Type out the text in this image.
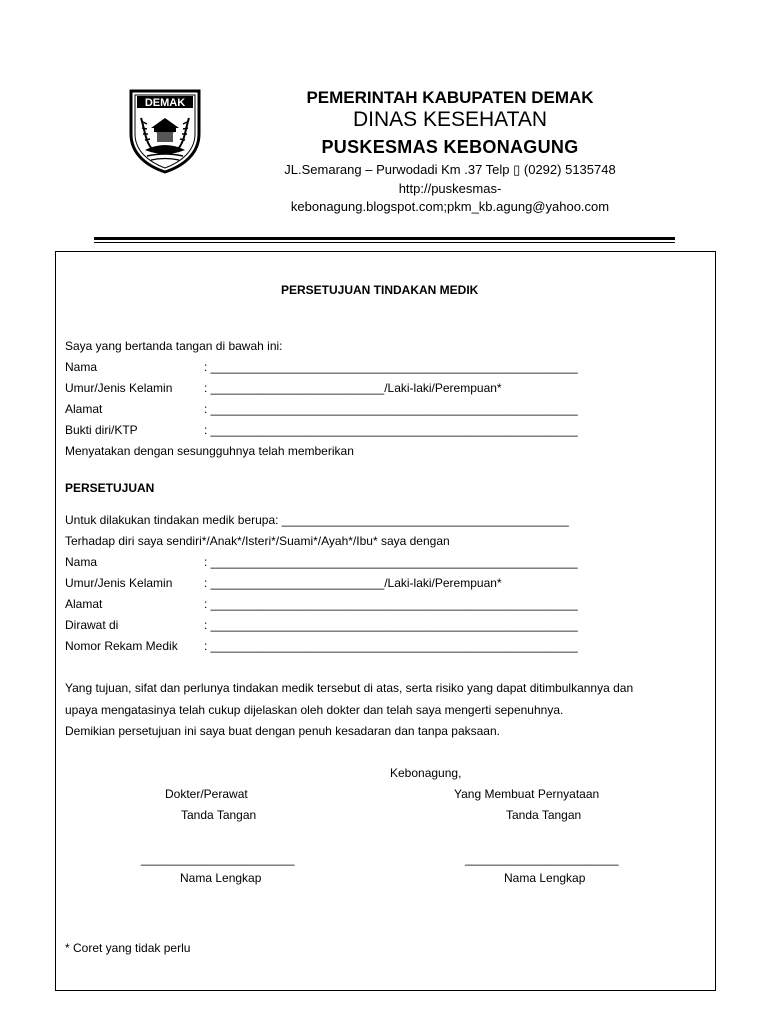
DEMAK	PEMERINTAH KABUPATEN DEMAK
DINAS KESEHATAN
PUSKESMAS KEBONAGUNG
JL.Semarang – Purwodadi Km .37 Telp ▯ (0292) 5135748
http://puskesmas-
kebonagung.blogspot.com;pkm_kb.agung@yahoo.com
PERSETUJUAN TINDAKAN MEDIK
Saya yang bertanda tangan di bawah ini:
Nama	: _______________________________________________________
Umur/Jenis Kelamin	: __________________________/Laki-laki/Perempuan*
Alamat	: _______________________________________________________
Bukti diri/KTP	: _______________________________________________________
Menyatakan dengan sesungguhnya telah memberikan
PERSETUJUAN
Untuk dilakukan tindakan medik berupa: ___________________________________________
Terhadap diri saya sendiri*/Anak*/Isteri*/Suami*/Ayah*/Ibu* saya dengan
Nama	: _______________________________________________________
Umur/Jenis Kelamin	: __________________________/Laki-laki/Perempuan*
Alamat	: _______________________________________________________
Dirawat di	: _______________________________________________________
Nomor Rekam Medik : _______________________________________________________
Yang tujuan, sifat dan perlunya tindakan medik tersebut di atas, serta risiko yang dapat ditimbulkannya dan
upaya mengatasinya telah cukup dijelaskan oleh dokter dan telah saya mengerti sepenuhnya.
Demikian persetujuan ini saya buat dengan penuh kesadaran dan tanpa paksaan.
Kebonagung,
Dokter/Perawat	Yang Membuat Pernyataan
Tanda Tangan	Tanda Tangan
_______________________	_______________________
Nama Lengkap	Nama Lengkap
* Coret yang tidak perlu
